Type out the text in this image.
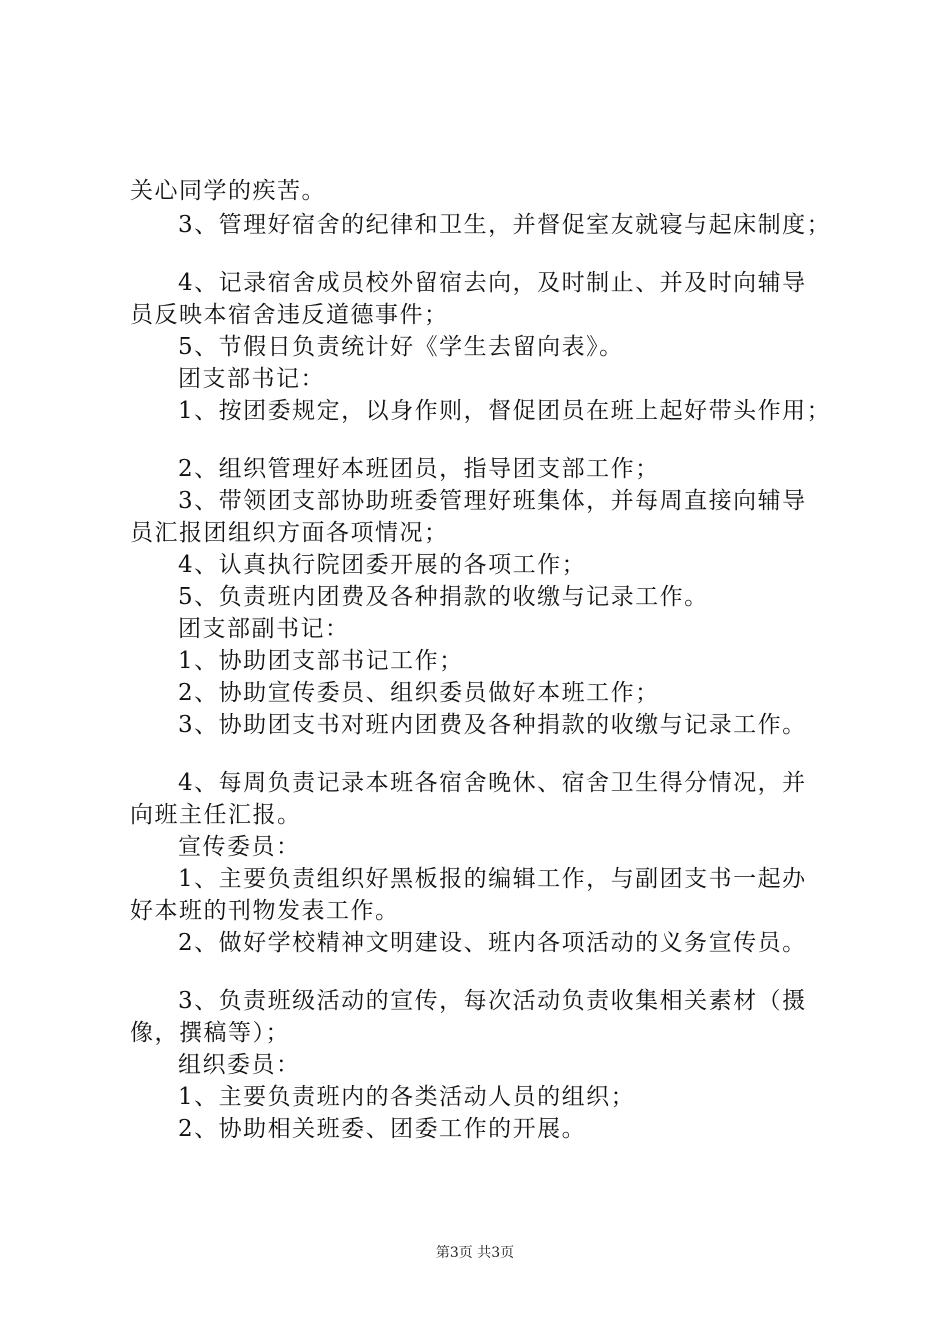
关心同学的疾苦。
3、管理好宿舍的纪律和卫生，并督促室友就寝与起床制度；
4、记录宿舍成员校外留宿去向，及时制止、并及时向辅导
员反映本宿舍违反道德事件；
5、节假日负责统计好《学生去留向表》。
团支部书记：
1、按团委规定，以身作则，督促团员在班上起好带头作用；
2、组织管理好本班团员，指导团支部工作；
3、带领团支部协助班委管理好班集体，并每周直接向辅导
员汇报团组织方面各项情况；
4、认真执行院团委开展的各项工作；
5、负责班内团费及各种捐款的收缴与记录工作。
团支部副书记：
1、协助团支部书记工作；
2、协助宣传委员、组织委员做好本班工作；
3、协助团支书对班内团费及各种捐款的收缴与记录工作。
4、每周负责记录本班各宿舍晚休、宿舍卫生得分情况，并
向班主任汇报。
宣传委员：
1、主要负责组织好黑板报的编辑工作，与副团支书一起办
好本班的刊物发表工作。
2、做好学校精神文明建设、班内各项活动的义务宣传员。
3、负责班级活动的宣传，每次活动负责收集相关素材（摄
像，撰稿等）；
组织委员：
1、主要负责班内的各类活动人员的组织；
2、协助相关班委、团委工作的开展。
第3页 共3页
